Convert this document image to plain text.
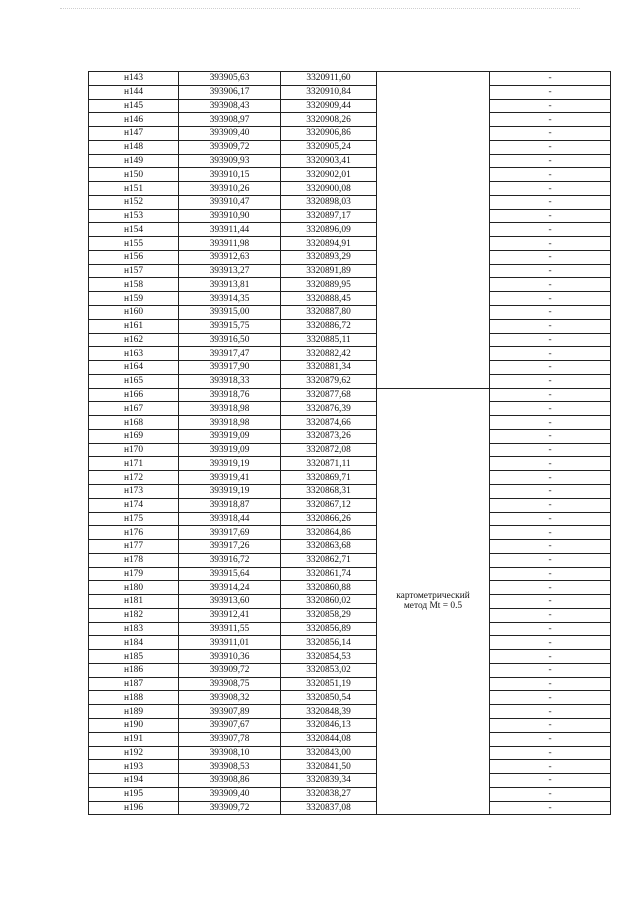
н143	393905,63	3320911,60		-
н144	393906,17	3320910,84		-
н145	393908,43	3320909,44		-
н146	393908,97	3320908,26		-
н147	393909,40	3320906,86		-
н148	393909,72	3320905,24		-
н149	393909,93	3320903,41		-
н150	393910,15	3320902,01		-
н151	393910,26	3320900,08		-
н152	393910,47	3320898,03		-
н153	393910,90	3320897,17		-
н154	393911,44	3320896,09		-
н155	393911,98	3320894,91		-
н156	393912,63	3320893,29		-
н157	393913,27	3320891,89		-
н158	393913,81	3320889,95		-
н159	393914,35	3320888,45		-
н160	393915,00	3320887,80		-
н161	393915,75	3320886,72		-
н162	393916,50	3320885,11		-
н163	393917,47	3320882,42		-
н164	393917,90	3320881,34		-
н165	393918,33	3320879,62		-
н166	393918,76	3320877,68	картометрический
метод Mt = 0.5	-
н167	393918,98	3320876,39		-
н168	393918,98	3320874,66		-
н169	393919,09	3320873,26		-
н170	393919,09	3320872,08		-
н171	393919,19	3320871,11		-
н172	393919,41	3320869,71		-
н173	393919,19	3320868,31		-
н174	393918,87	3320867,12		-
н175	393918,44	3320866,26		-
н176	393917,69	3320864,86		-
н177	393917,26	3320863,68		-
н178	393916,72	3320862,71		-
н179	393915,64	3320861,74		-
н180	393914,24	3320860,88		-
н181	393913,60	3320860,02		-
н182	393912,41	3320858,29		-
н183	393911,55	3320856,89		-
н184	393911,01	3320856,14		-
н185	393910,36	3320854,53		-
н186	393909,72	3320853,02		-
н187	393908,75	3320851,19		-
н188	393908,32	3320850,54		-
н189	393907,89	3320848,39		-
н190	393907,67	3320846,13		-
н191	393907,78	3320844,08		-
н192	393908,10	3320843,00		-
н193	393908,53	3320841,50		-
н194	393908,86	3320839,34		-
н195	393909,40	3320838,27		-
н196	393909,72	3320837,08		-
